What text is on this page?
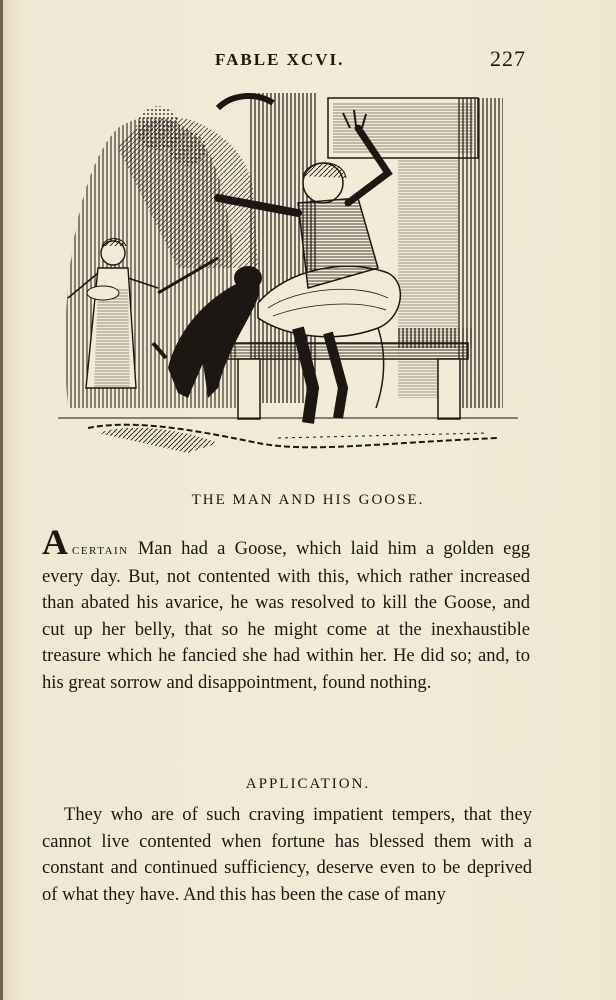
FABLE XCVI.	227
THE MAN AND HIS GOOSE.
Acertain Man had a Goose, which laid him a golden egg every day. But, not contented with this, which rather increased than abated his avarice, he was resolved to kill the Goose, and cut up her belly, that so he might come at the inexhaustible treasure which he fancied she had within her. He did so; and, to his great sorrow and disappointment, found nothing.
APPLICATION.
They who are of such craving impatient tempers, that they cannot live contented when fortune has blessed them with a constant and continued sufficiency, deserve even to be deprived of what they have. And this has been the case of many
